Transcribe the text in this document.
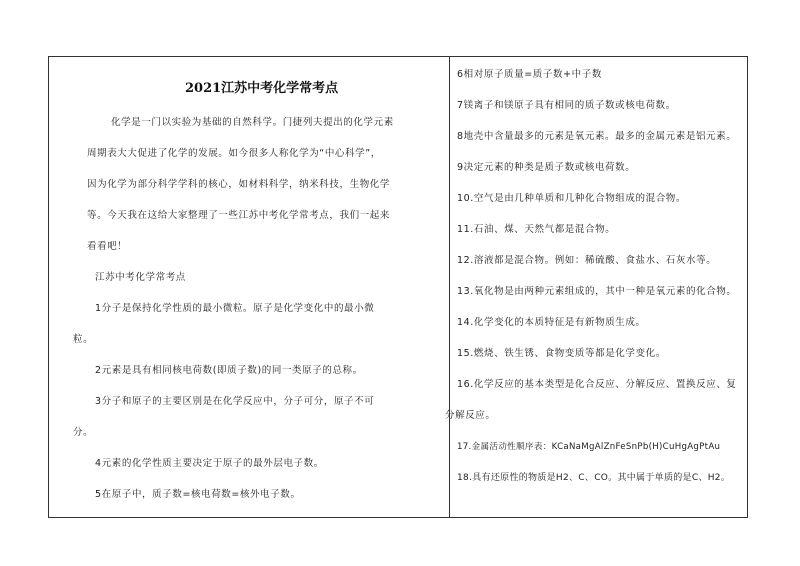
2021江苏中考化学常考点
化学是一门以实验为基础的自然科学。门捷列夫提出的化学元素
周期表大大促进了化学的发展。如今很多人称化学为“中心科学”，
因为化学为部分科学学科的核心，如材料科学，纳米科技，生物化学
等。今天我在这给大家整理了一些江苏中考化学常考点，我们一起来
看看吧！
江苏中考化学常考点
1分子是保持化学性质的最小微粒。原子是化学变化中的最小微
粒。
2元素是具有相同核电荷数(即质子数)的同一类原子的总称。
3分子和原子的主要区别是在化学反应中，分子可分，原子不可
分。
4元素的化学性质主要决定于原子的最外层电子数。
5在原子中，质子数=核电荷数=核外电子数。
6相对原子质量=质子数+中子数
7镁离子和镁原子具有相同的质子数或核电荷数。
8地壳中含量最多的元素是氧元素。最多的金属元素是铝元素。
9决定元素的种类是质子数或核电荷数。
10.空气是由几种单质和几种化合物组成的混合物。
11.石油、煤、天然气都是混合物。
12.溶液都是混合物。例如：稀硫酸、食盐水、石灰水等。
13.氧化物是由两种元素组成的，其中一种是氧元素的化合物。
14.化学变化的本质特征是有新物质生成。
15.燃烧、铁生锈、食物变质等都是化学变化。
16.化学反应的基本类型是化合反应、分解反应、置换反应、复
分解反应。
17.金属活动性顺序表：KCaNaMgAlZnFeSnPb(H)CuHgAgPtAu
18.具有还原性的物质是H2、C、CO。其中属于单质的是C、H2。
